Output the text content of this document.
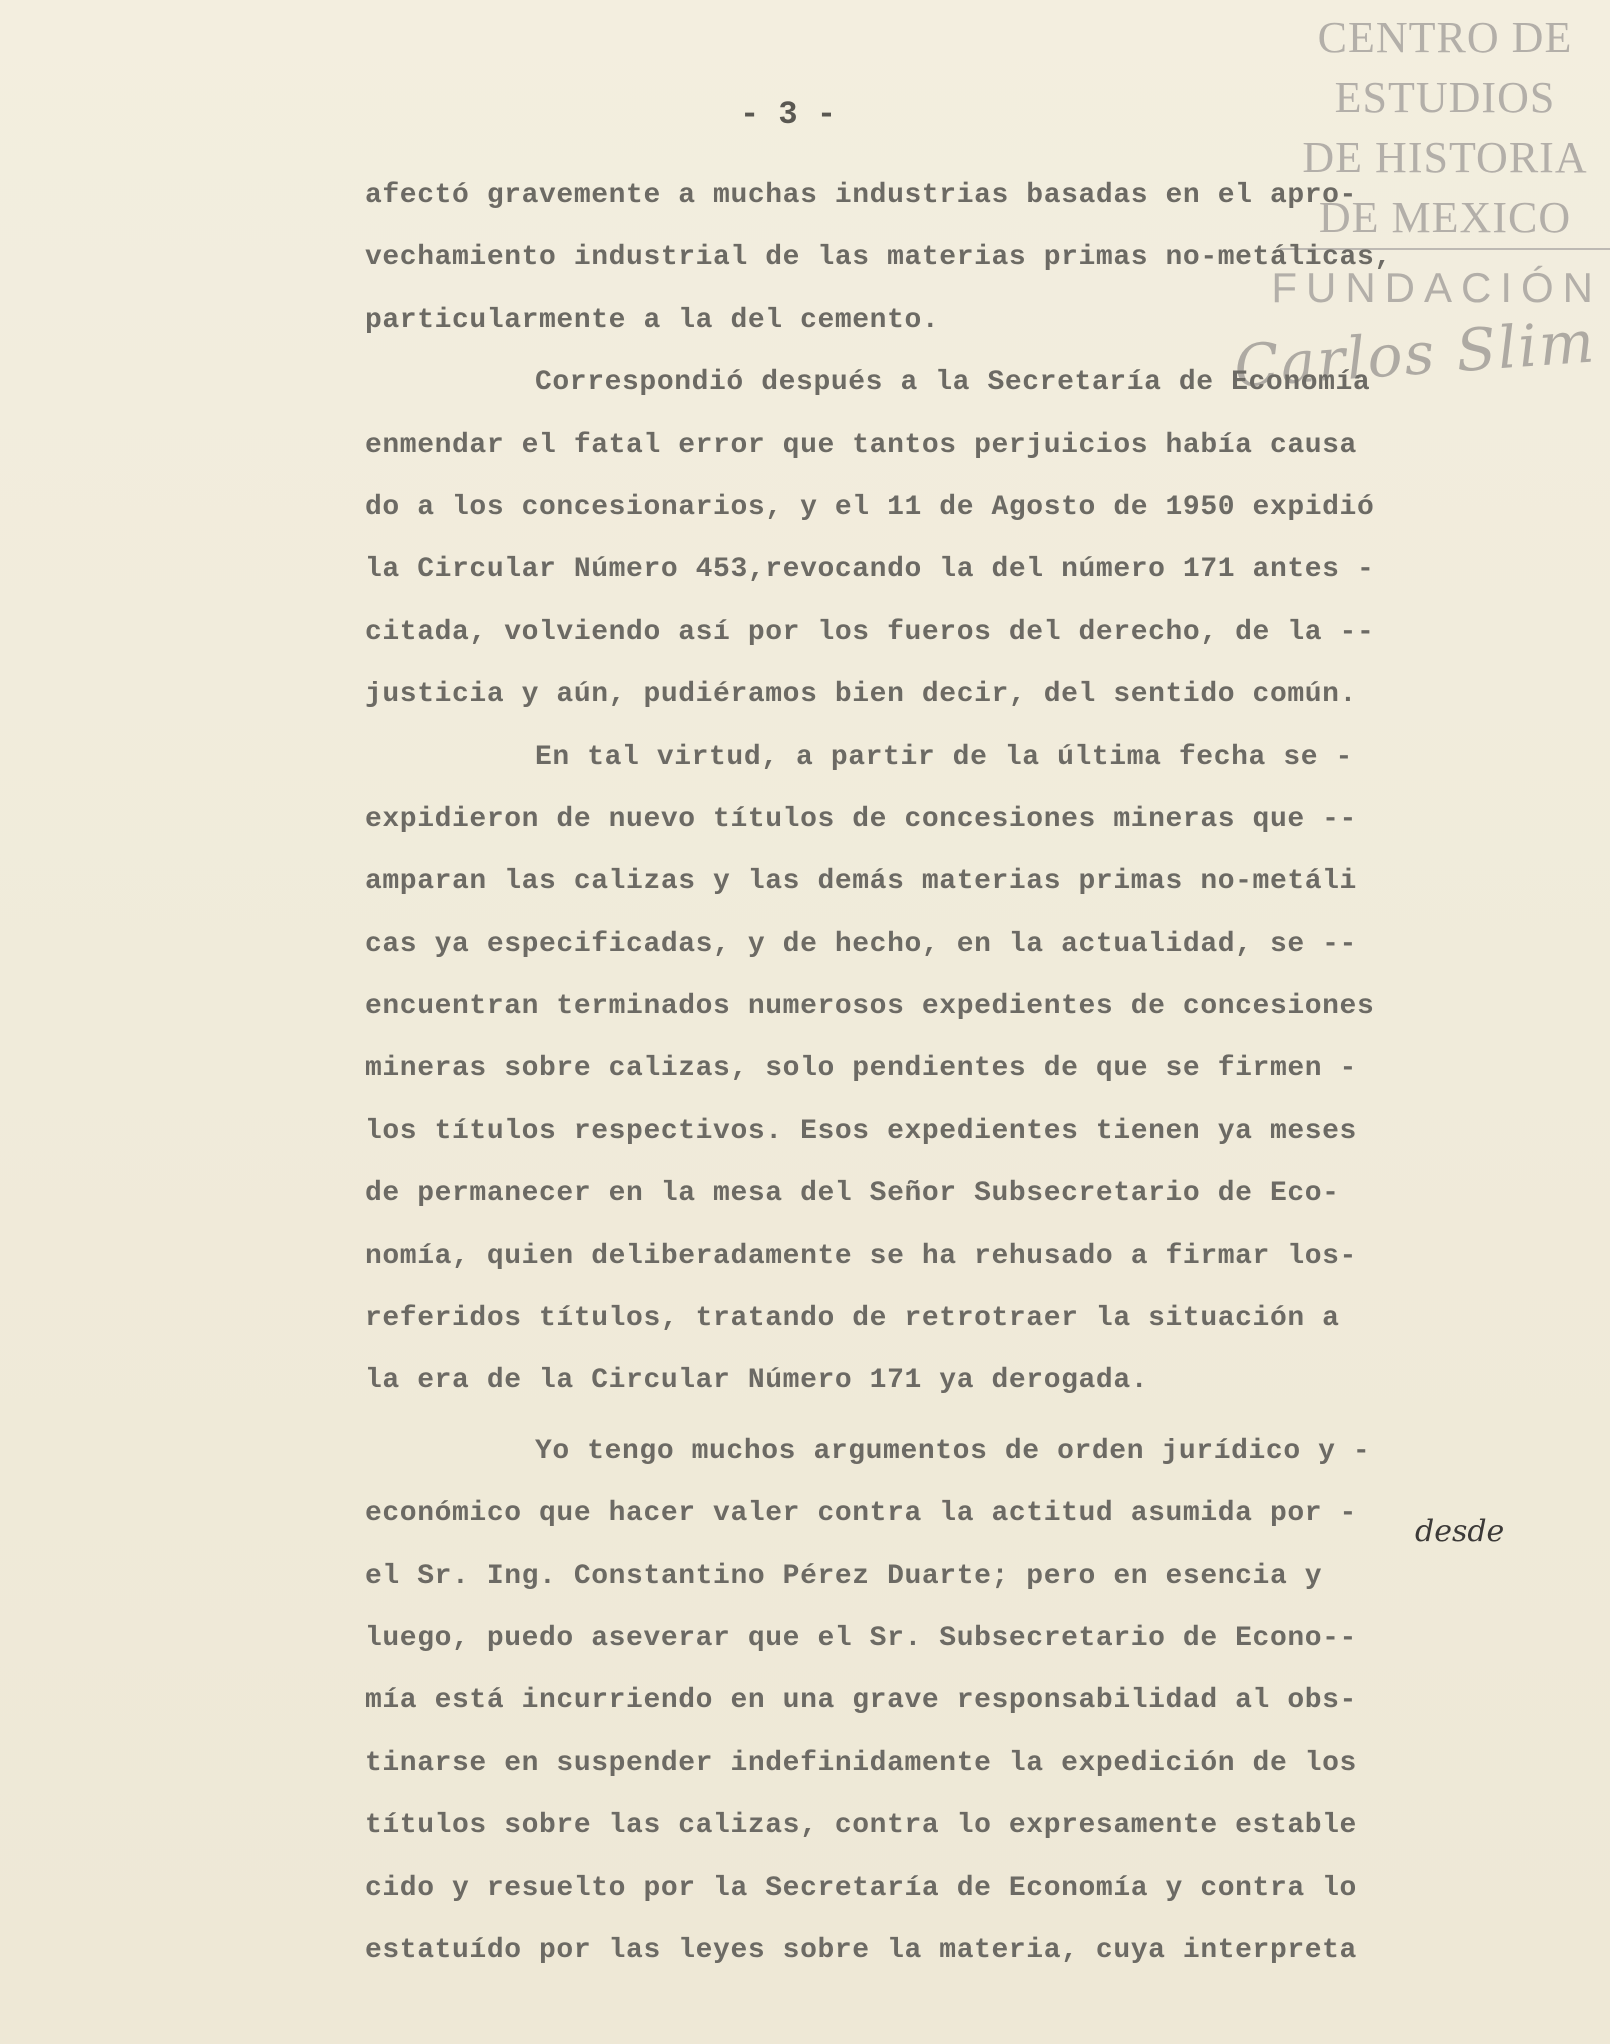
CENTRO DE
ESTUDIOS
DE HISTORIA
DE MEXICO
FUNDACIÓN
Carlos Slim
- 3 -
afectó gravemente a muchas industrias basadas en el apro-
vechamiento industrial de las materias primas no-metálicas,
particularmente a la del cemento.
Correspondió después a la Secretaría de Economía
enmendar el fatal error que tantos perjuicios había causa
do a los concesionarios, y el 11 de Agosto de 1950 expidió
la Circular Número 453,revocando la del número 171 antes -
citada, volviendo así por los fueros del derecho, de la --
justicia y aún, pudiéramos bien decir, del sentido común.
En tal virtud, a partir de la última fecha se -
expidieron de nuevo títulos de concesiones mineras que --
amparan las calizas y las demás materias primas no-metáli
cas ya especificadas, y de hecho, en la actualidad, se --
encuentran terminados numerosos expedientes de concesiones
mineras sobre calizas, solo pendientes de que se firmen -
los títulos respectivos. Esos expedientes tienen ya meses
de permanecer en la mesa del Señor Subsecretario de Eco-
nomía, quien deliberadamente se ha rehusado a firmar los-
referidos títulos, tratando de retrotraer la situación a
la era de la Circular Número 171 ya derogada.
Yo tengo muchos argumentos de orden jurídico y -
económico que hacer valer contra la actitud asumida por -
el Sr. Ing. Constantino Pérez Duarte; pero en esencia y
luego, puedo aseverar que el Sr. Subsecretario de Econo--
mía está incurriendo en una grave responsabilidad al obs-
tinarse en suspender indefinidamente la expedición de los
títulos sobre las calizas, contra lo expresamente estable
cido y resuelto por la Secretaría de Economía y contra lo
estatuído por las leyes sobre la materia, cuya interpreta
desde
